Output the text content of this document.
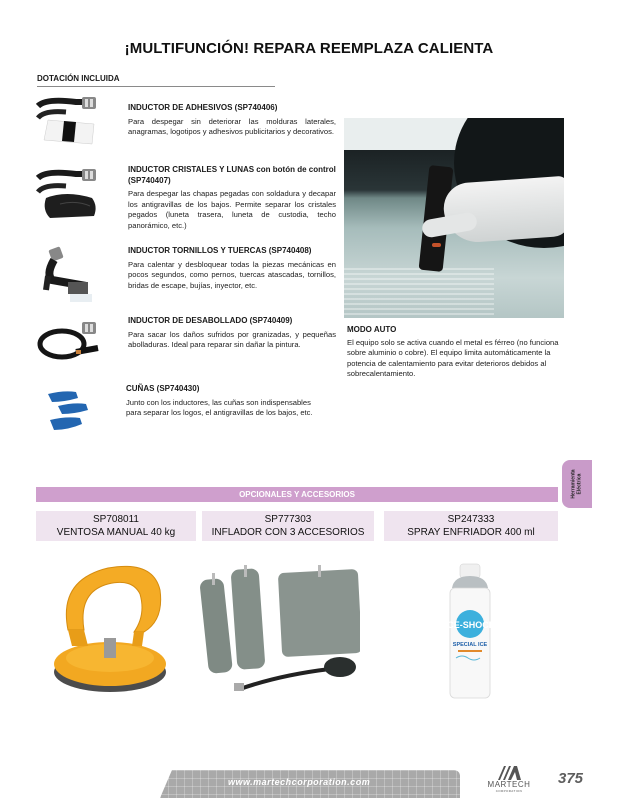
¡MULTIFUNCIÓN! REPARA REEMPLAZA CALIENTA
DOTACIÓN INCLUIDA
INDUCTOR DE ADHESIVOS (SP740406)
Para despegar sin deteriorar las molduras laterales, anagramas, logotipos y adhesivos publicitarios y decorativos.
INDUCTOR CRISTALES Y LUNAS con botón de control (SP740407)
Para despegar las chapas pegadas con soldadura y decapar los antigravillas de los bajos. Permite separar los cristales pegados (luneta trasera, luneta de custodia, techo panorámico, etc.)
INDUCTOR TORNILLOS Y TUERCAS (SP740408)
Para calentar y desbloquear todas la piezas mecánicas en pocos segundos, como pernos, tuercas atascadas, tornillos, bridas de escape, bujías, inyector, etc.
INDUCTOR DE DESABOLLADO (SP740409)
Para sacar los daños sufridos por granizadas, y pequeñas abolladuras. Ideal para reparar sin dañar la pintura.
CUÑAS (SP740430)
Junto con los inductores, las cuñas son indispensables para separar los logos, el antigravillas de los bajos, etc.
MODO AUTO
El equipo solo se activa cuando el metal es férreo (no funciona sobre aluminio o cobre). El equipo limita automáticamente la potencia de calentamiento para evitar deterioros debidos al sobrecalentamiento.
Herramienta Eléctrica
OPCIONALES Y ACCESORIOS
SP708011
VENTOSA MANUAL 40 kg
SP777303
INFLADOR CON 3 ACCESORIOS
SP247333
SPRAY ENFRIADOR 400 ml
ICE-SHOCK
SPECIAL ICE
www.martechcorporation.com	MARTECH
CORPORATION
375
